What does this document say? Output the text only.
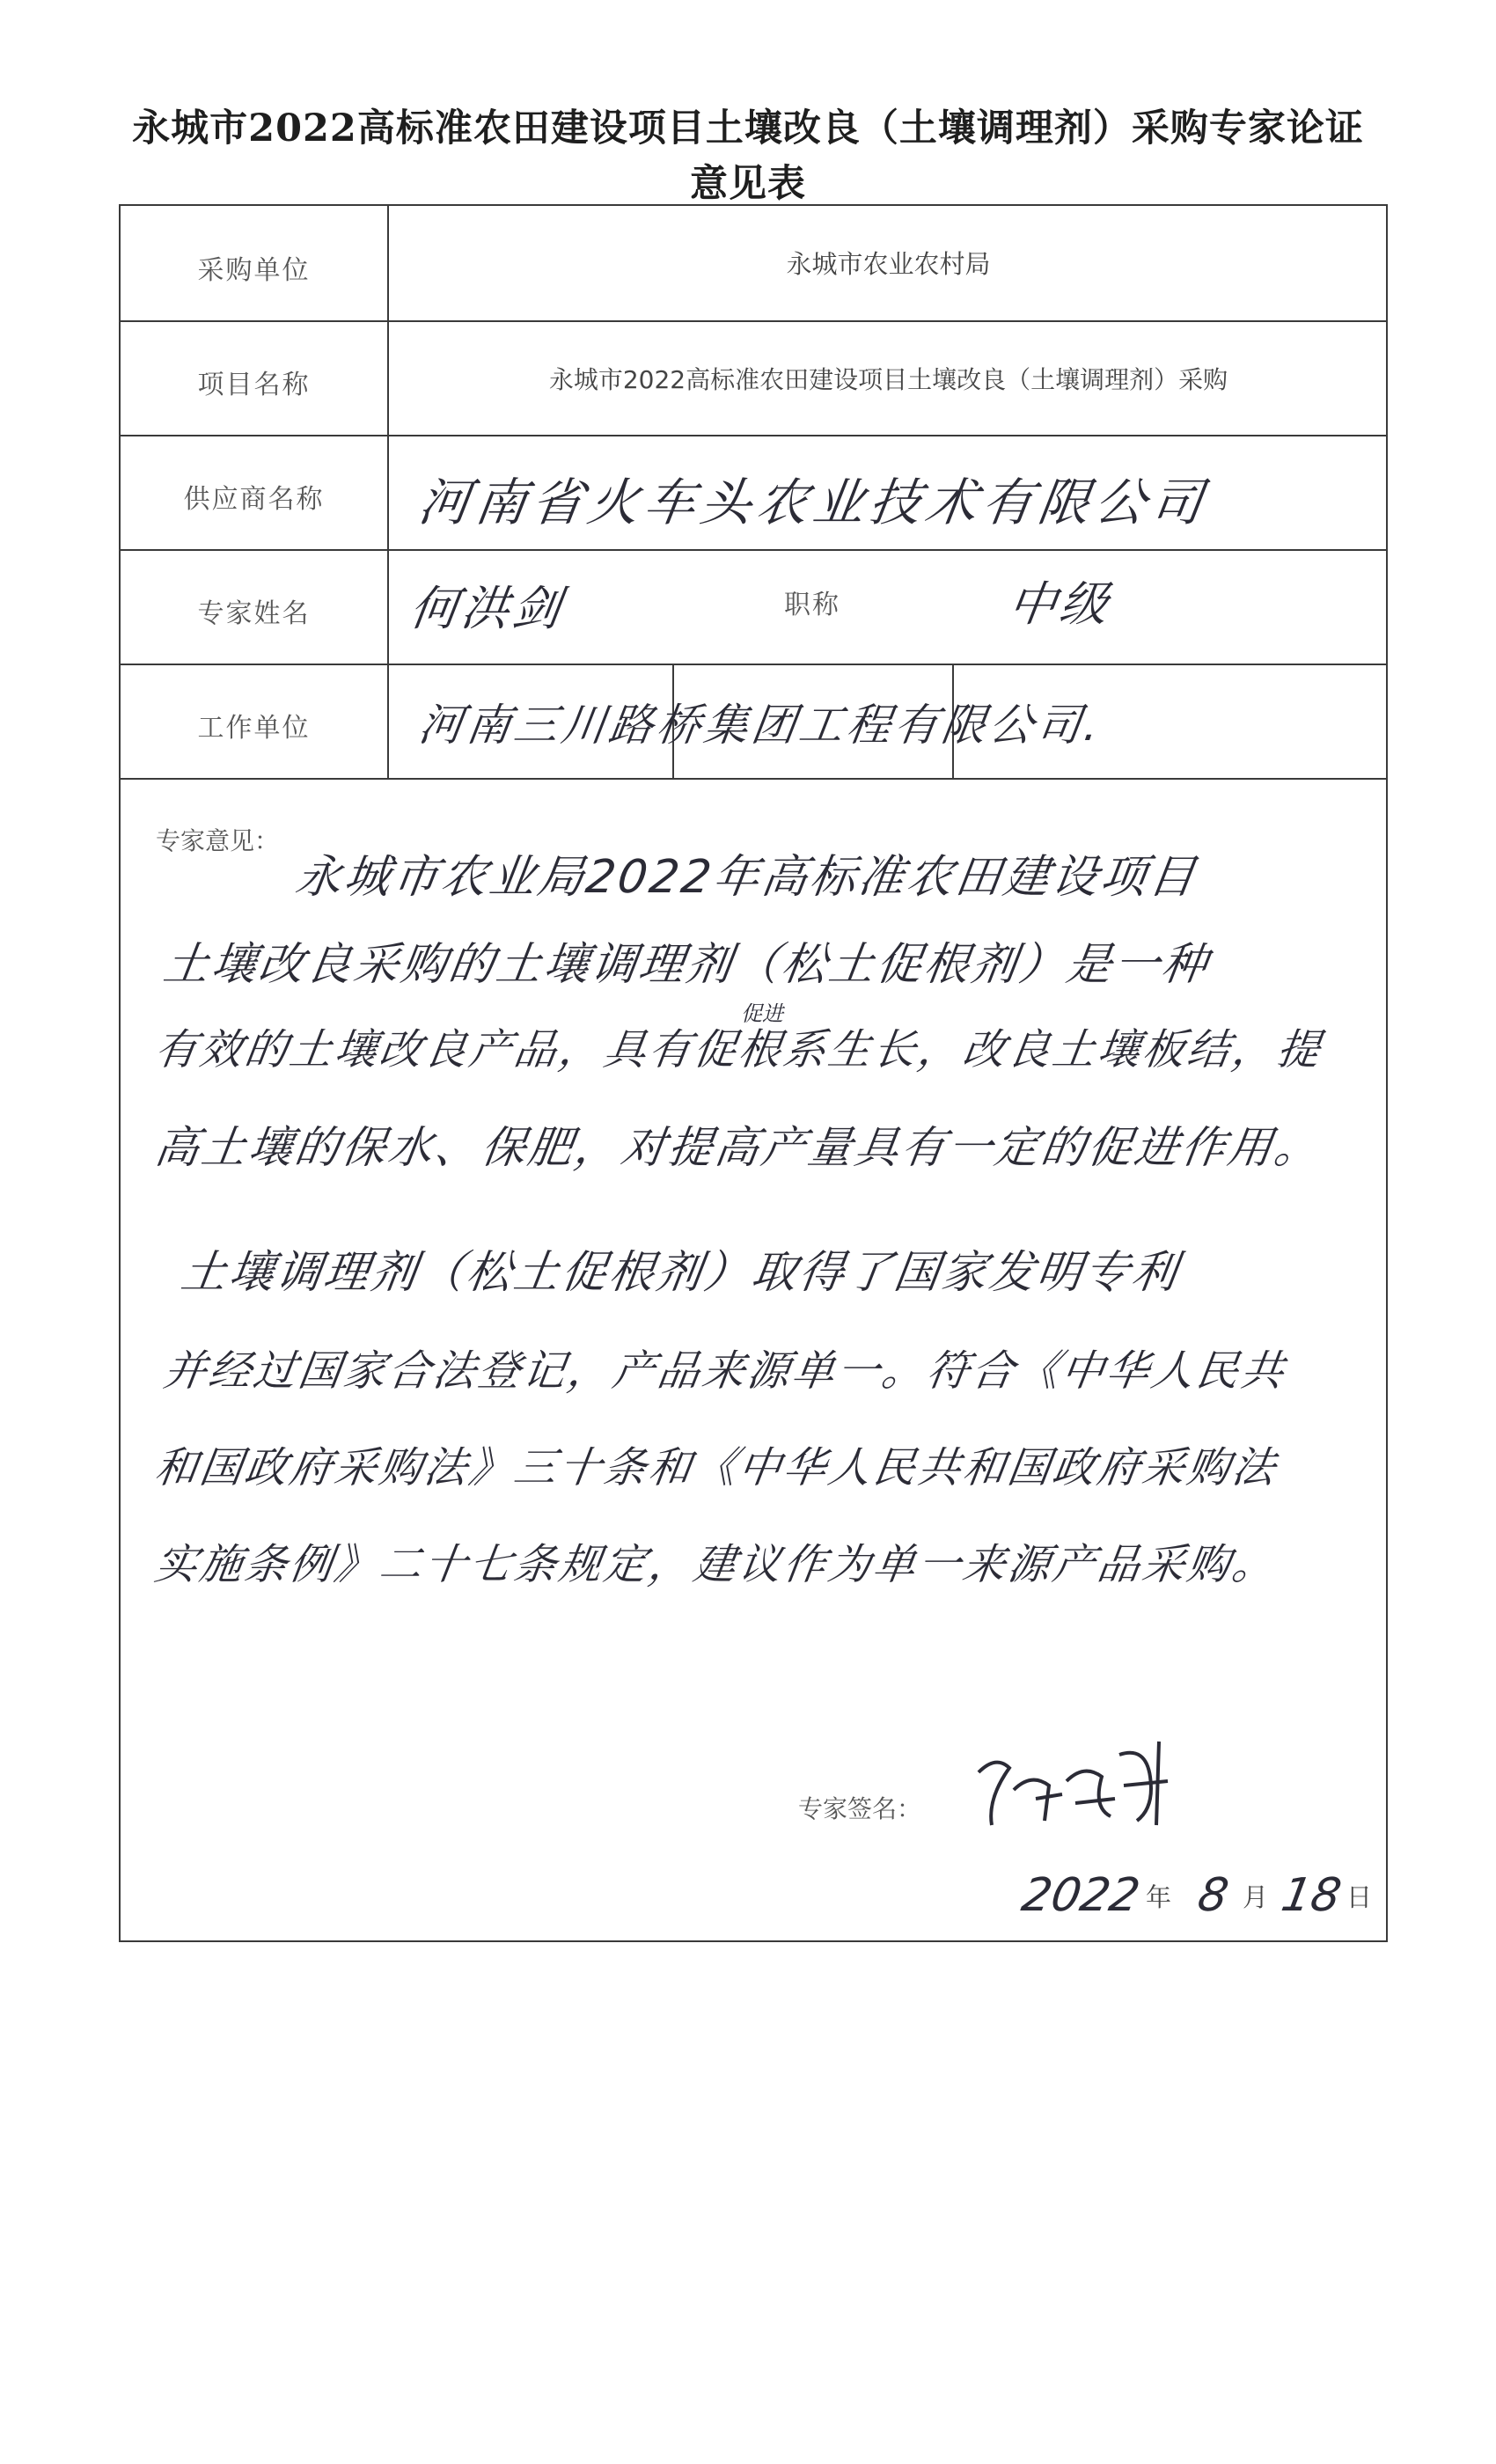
永城市2022高标准农田建设项目土壤改良（土壤调理剂）采购专家论证
意见表
采购单位	永城市农业农村局
项目名称	永城市2022高标准农田建设项目土壤改良（土壤调理剂）采购
供应商名称	河南省火车头农业技术有限公司
专家姓名	何洪剑	职称	中级
工作单位	河南三川路桥集团工程有限公司.
专家意见：
永城市农业局2022年高标准农田建设项目
土壤改良采购的土壤调理剂（松土促根剂）是一种
促进
有效的土壤改良产品，具有促根系生长，改良土壤板结，提
高土壤的保水、保肥，对提高产量具有一定的促进作用。
土壤调理剂（松土促根剂）取得了国家发明专利
并经过国家合法登记，产品来源单一。符合《中华人民共
和国政府采购法》三十条和《中华人民共和国政府采购法
实施条例》二十七条规定，建议作为单一来源产品采购。
专家签名：
2022 年 8 月 18 日
